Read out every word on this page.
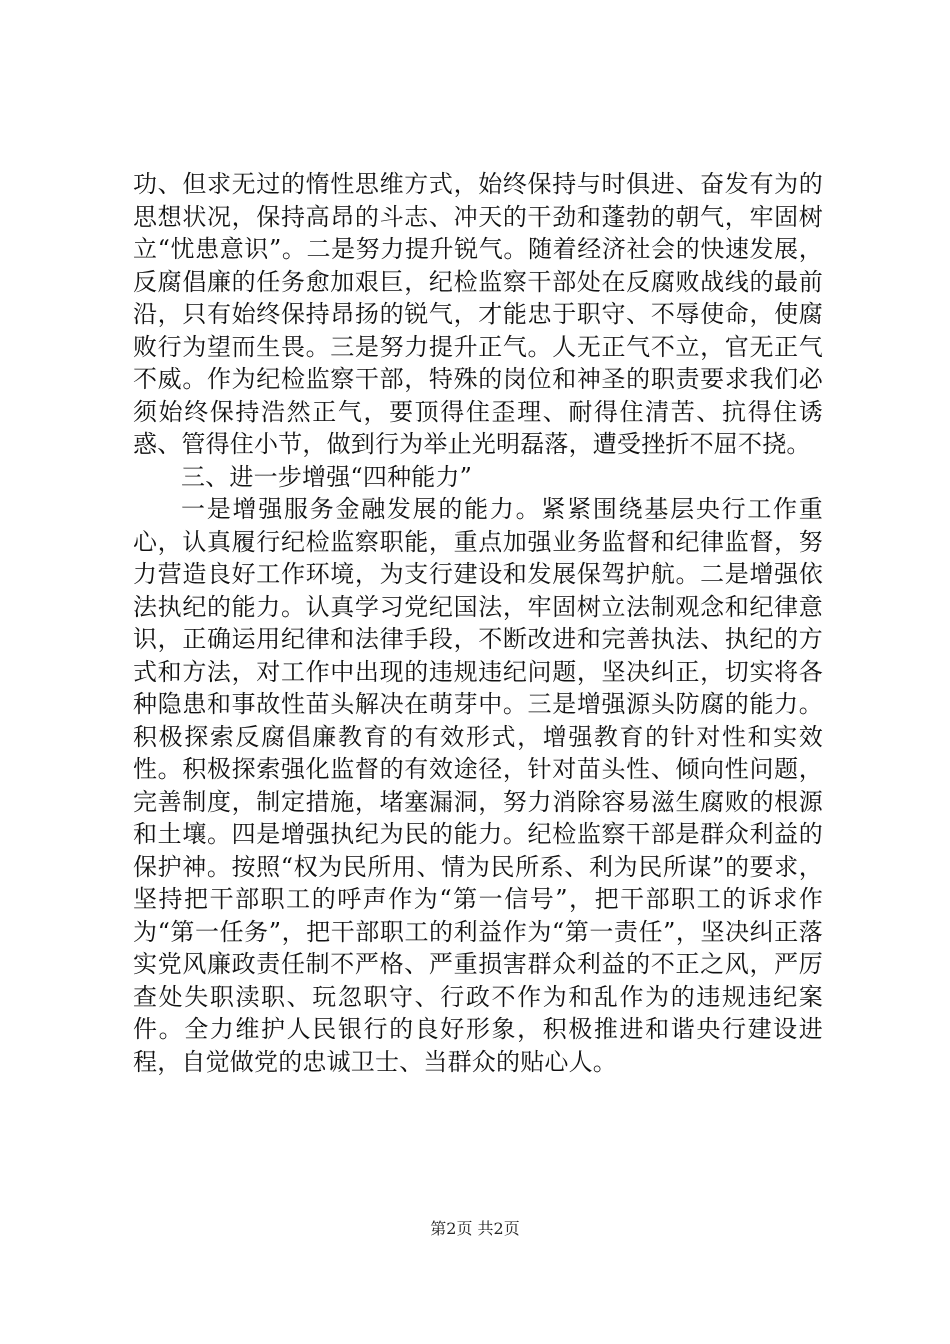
功、但求无过的惰性思维方式，始终保持与时俱进、奋发有为的思想状况，保持高昂的斗志、冲天的干劲和蓬勃的朝气，牢固树立“忧患意识”。二是努力提升锐气。随着经济社会的快速发展，反腐倡廉的任务愈加艰巨，纪检监察干部处在反腐败战线的最前沿，只有始终保持昂扬的锐气，才能忠于职守、不辱使命，使腐败行为望而生畏。三是努力提升正气。人无正气不立，官无正气不威。作为纪检监察干部，特殊的岗位和神圣的职责要求我们必须始终保持浩然正气，要顶得住歪理、耐得住清苦、抗得住诱惑、管得住小节，做到行为举止光明磊落，遭受挫折不屈不挠。

三、进一步增强“四种能力”

一是增强服务金融发展的能力。紧紧围绕基层央行工作重心，认真履行纪检监察职能，重点加强业务监督和纪律监督，努力营造良好工作环境，为支行建设和发展保驾护航。二是增强依法执纪的能力。认真学习党纪国法，牢固树立法制观念和纪律意识，正确运用纪律和法律手段，不断改进和完善执法、执纪的方式和方法，对工作中出现的违规违纪问题，坚决纠正，切实将各种隐患和事故性苗头解决在萌芽中。三是增强源头防腐的能力。积极探索反腐倡廉教育的有效形式，增强教育的针对性和实效性。积极探索强化监督的有效途径，针对苗头性、倾向性问题，完善制度，制定措施，堵塞漏洞，努力消除容易滋生腐败的根源和土壤。四是增强执纪为民的能力。纪检监察干部是群众利益的保护神。按照“权为民所用、情为民所系、利为民所谋”的要求，坚持把干部职工的呼声作为“第一信号”，把干部职工的诉求作为“第一任务”，把干部职工的利益作为“第一责任”，坚决纠正落实党风廉政责任制不严格、严重损害群众利益的不正之风，严厉查处失职渎职、玩忽职守、行政不作为和乱作为的违规违纪案件。全力维护人民银行的良好形象，积极推进和谐央行建设进程，自觉做党的忠诚卫士、当群众的贴心人。

第2页 共2页
